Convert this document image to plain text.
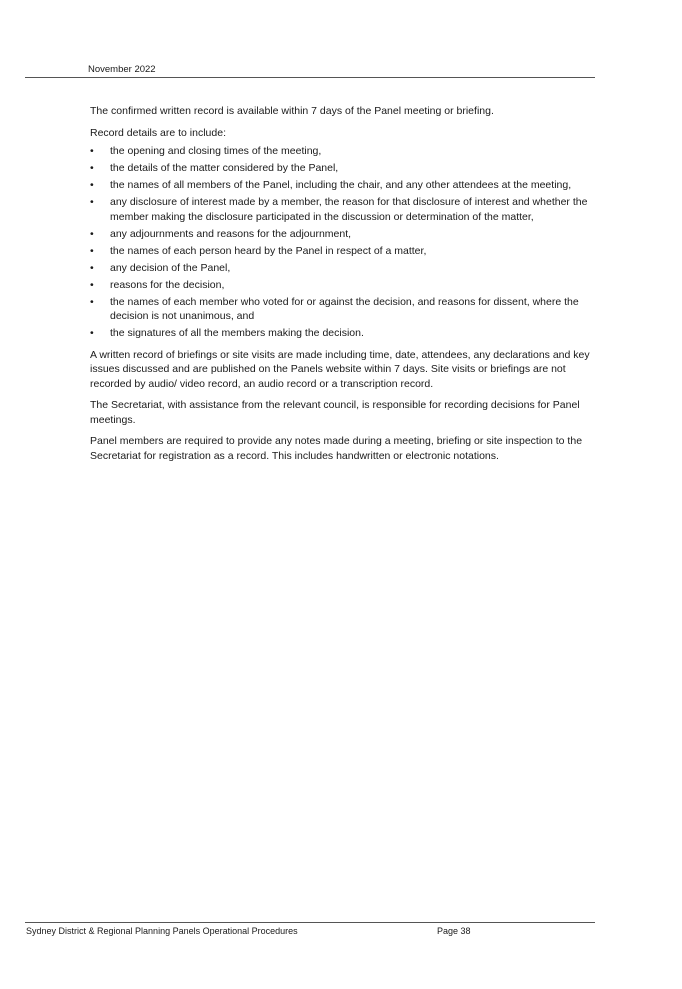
November 2022

The confirmed written record is available within 7 days of the Panel meeting or briefing.

Record details are to include:

•	the opening and closing times of the meeting,
•	the details of the matter considered by the Panel,
•	the names of all members of the Panel, including the chair, and any other attendees at the meeting,
•	any disclosure of interest made by a member, the reason for that disclosure of interest and whether the member making the disclosure participated in the discussion or determination of the matter,
•	any adjournments and reasons for the adjournment,
•	the names of each person heard by the Panel in respect of a matter,
•	any decision of the Panel,
•	reasons for the decision,
•	the names of each member who voted for or against the decision, and reasons for dissent, where the decision is not unanimous, and
•	the signatures of all the members making the decision.

A written record of briefings or site visits are made including time, date, attendees, any declarations and key issues discussed and are published on the Panels website within 7 days. Site visits or briefings are not recorded by audio/ video record, an audio record or a transcription record.

The Secretariat, with assistance from the relevant council, is responsible for recording decisions for Panel meetings.

Panel members are required to provide any notes made during a meeting, briefing or site inspection to the Secretariat for registration as a record. This includes handwritten or electronic notations.

Sydney District & Regional Planning Panels Operational Procedures	Page 38
